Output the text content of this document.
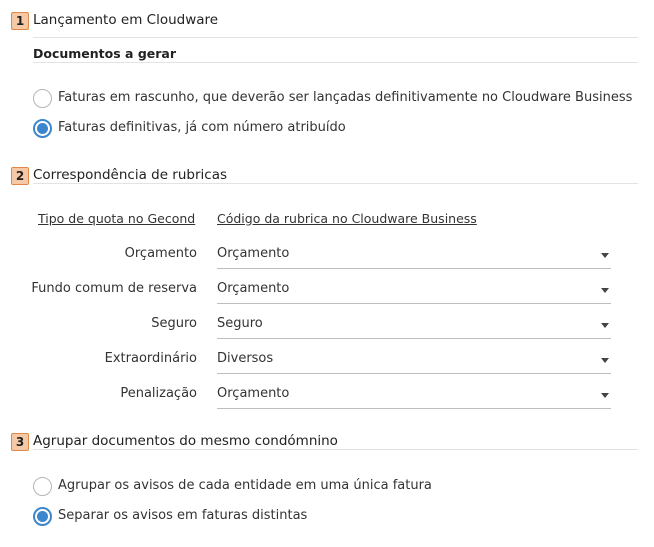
1 Lançamento em Cloudware
Documentos a gerar
Faturas em rascunho, que deverão ser lançadas definitivamente no Cloudware Business
Faturas definitivas, já com número atribuído
2 Correspondência de rubricas
Tipo de quota no Gecond Código da rubrica no Cloudware Business
Orçamento Orçamento
Fundo comum de reserva Orçamento
Seguro Seguro
Extraordinário Diversos
Penalização Orçamento
3 Agrupar documentos do mesmo condómnino
Agrupar os avisos de cada entidade em uma única fatura
Separar os avisos em faturas distintas
